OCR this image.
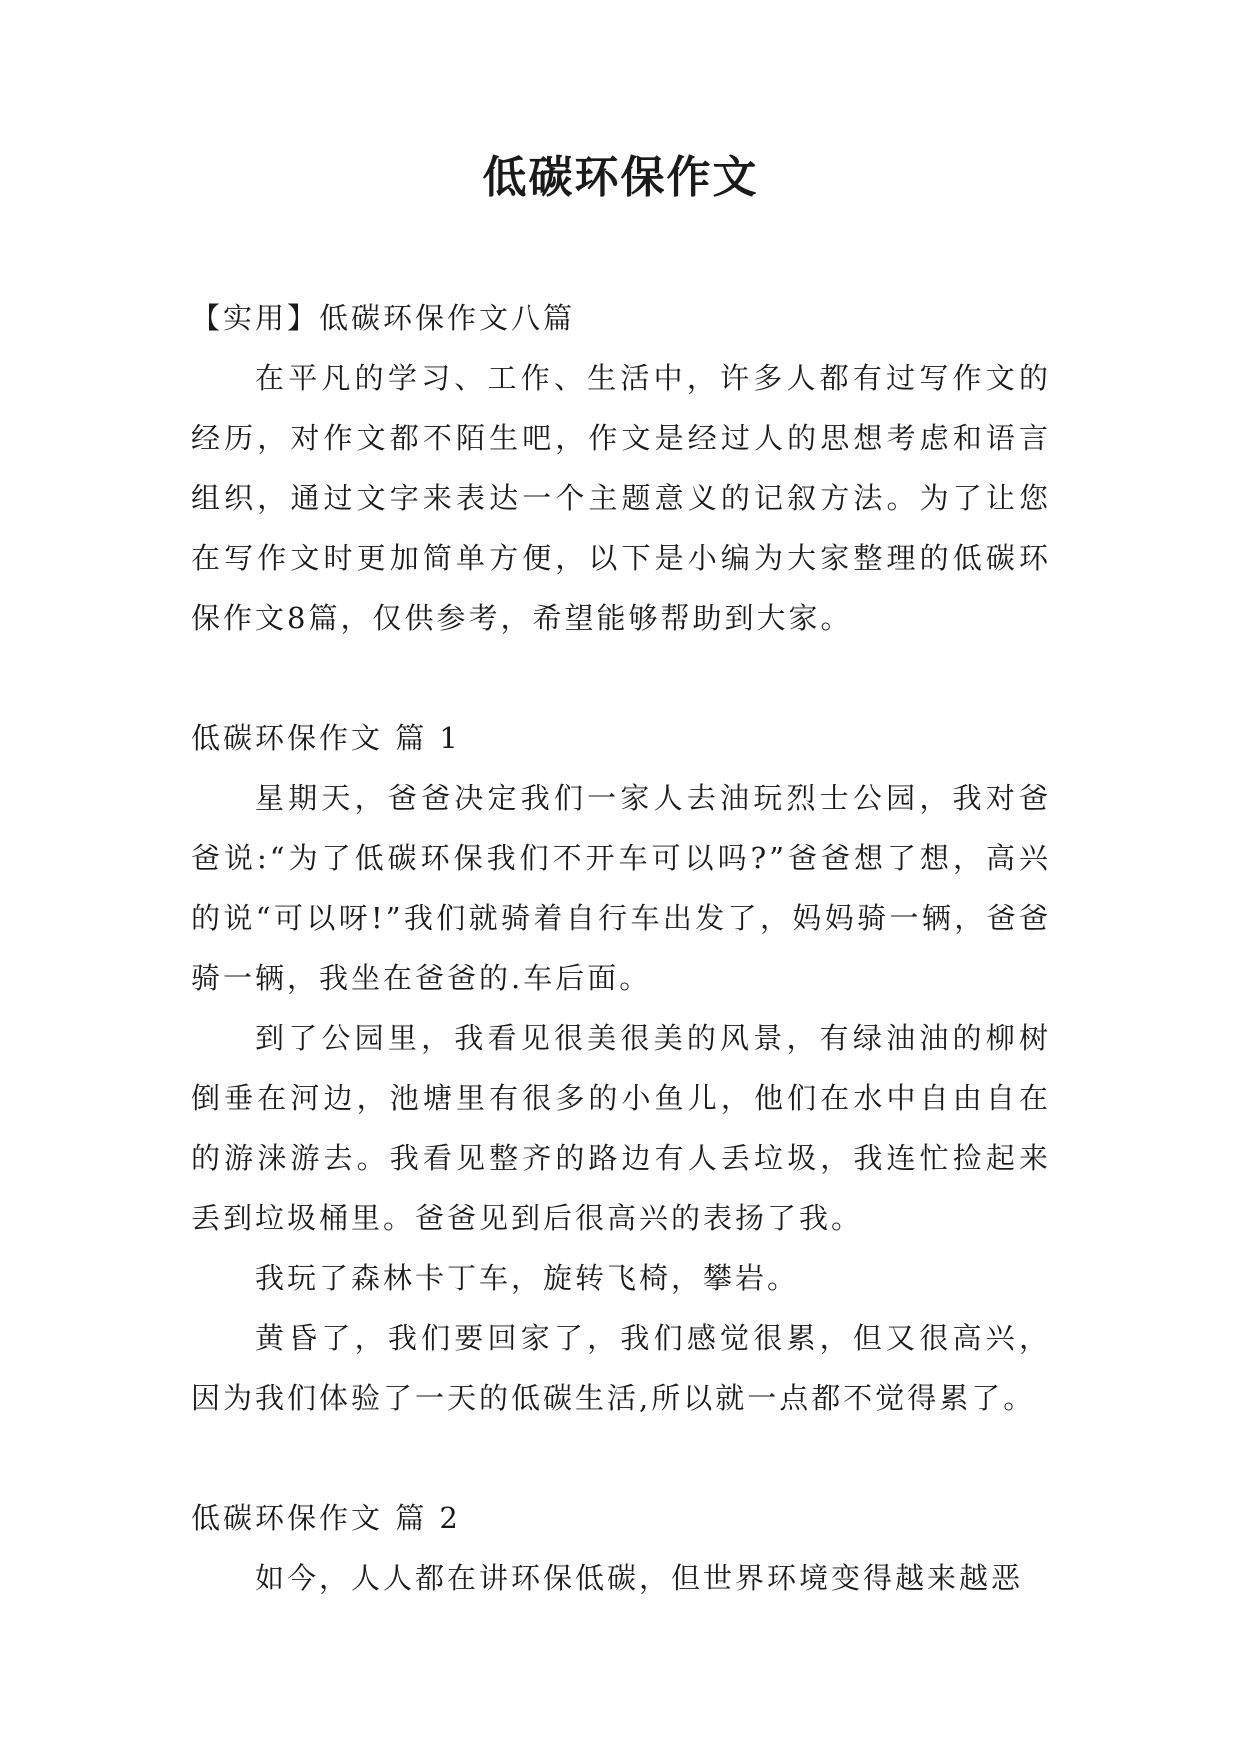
低碳环保作文

【实用】低碳环保作文八篇

在平凡的学习、工作、生活中，许多人都有过写作文的经历，对作文都不陌生吧，作文是经过人的思想考虑和语言组织，通过文字来表达一个主题意义的记叙方法。为了让您在写作文时更加简单方便，以下是小编为大家整理的低碳环保作文8篇，仅供参考，希望能够帮助到大家。

低碳环保作文 篇 1

星期天，爸爸决定我们一家人去油玩烈士公园，我对爸爸说:“为了低碳环保我们不开车可以吗?”爸爸想了想，高兴的说“可以呀!”我们就骑着自行车出发了，妈妈骑一辆，爸爸骑一辆，我坐在爸爸的.车后面。

到了公园里，我看见很美很美的风景，有绿油油的柳树倒垂在河边，池塘里有很多的小鱼儿，他们在水中自由自在的游涞游去。我看见整齐的路边有人丢垃圾，我连忙捡起来丢到垃圾桶里。爸爸见到后很高兴的表扬了我。

我玩了森林卡丁车，旋转飞椅，攀岩。

黄昏了，我们要回家了，我们感觉很累，但又很高兴，因为我们体验了一天的低碳生活,所以就一点都不觉得累了。

低碳环保作文 篇 2

如今，人人都在讲环保低碳，但世界环境变得越来越恶
